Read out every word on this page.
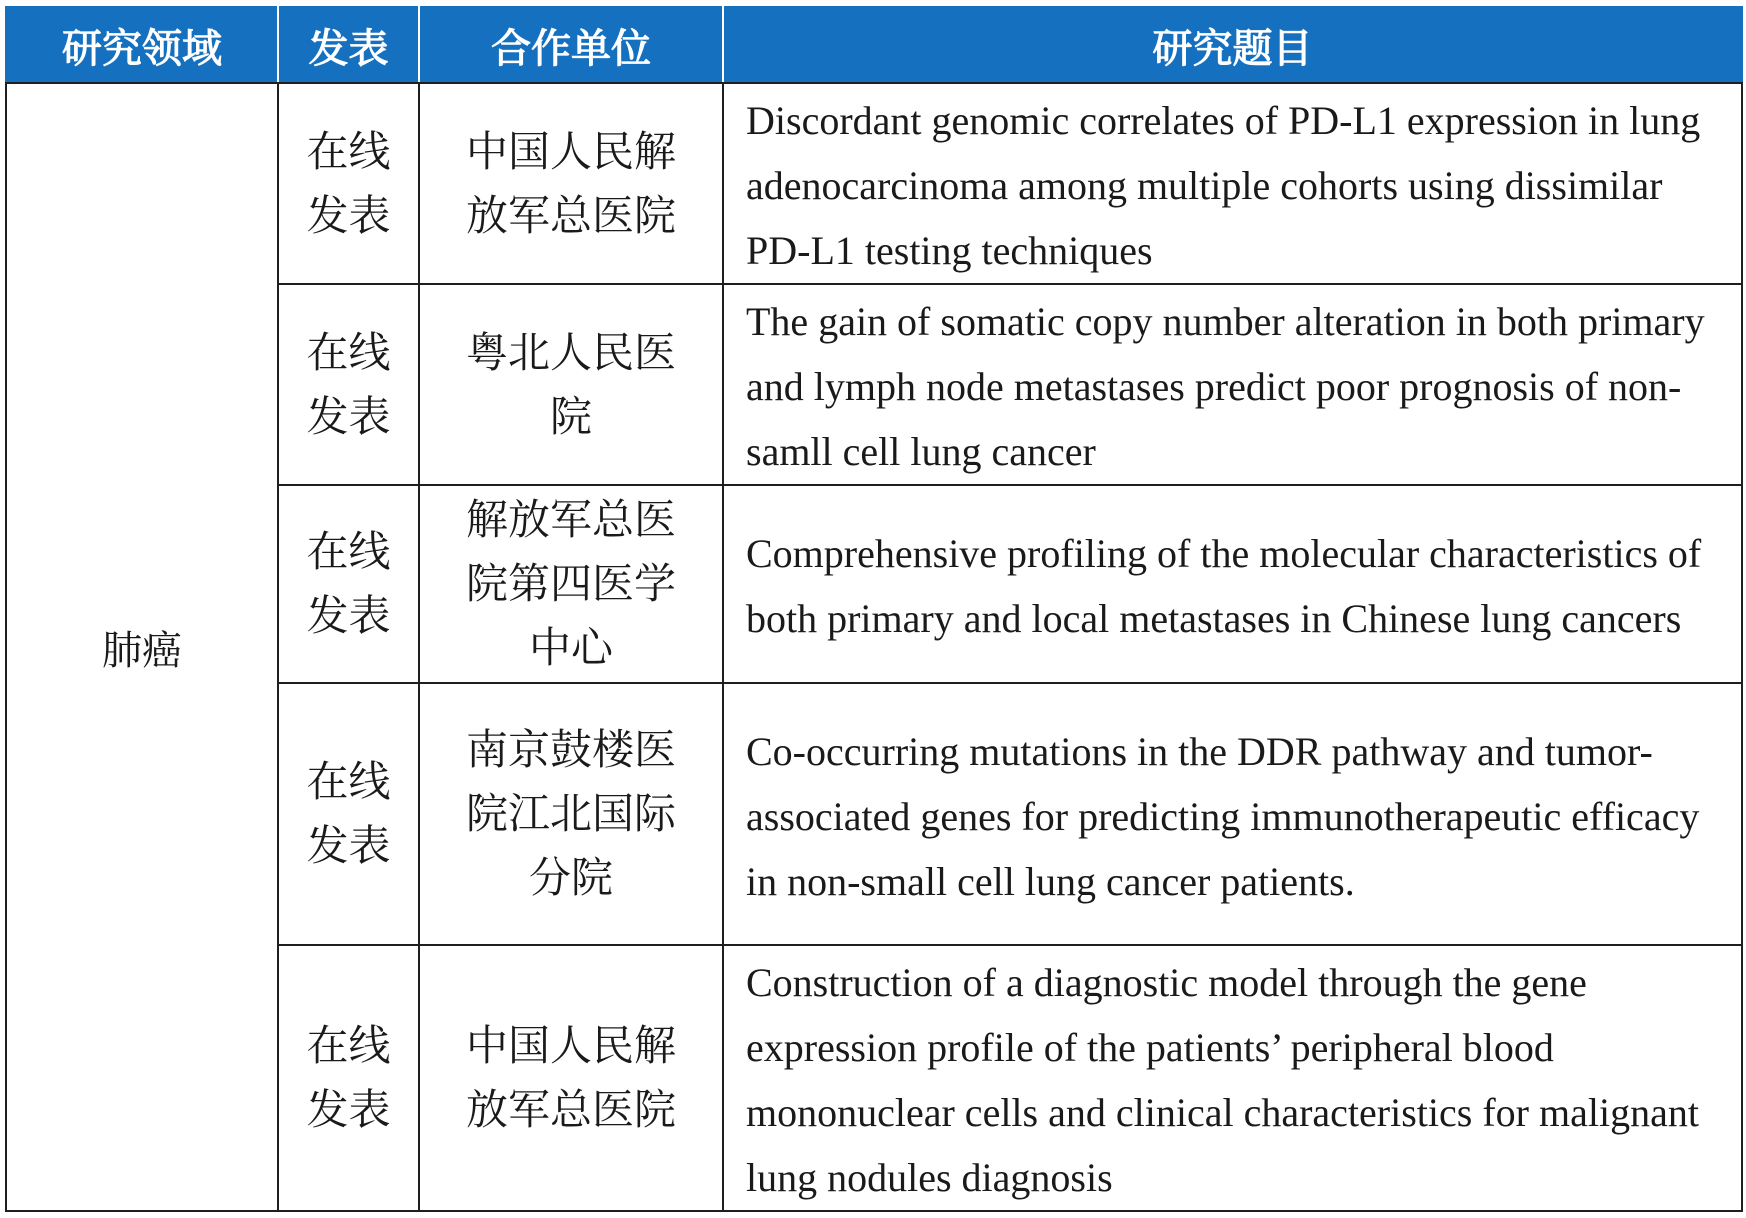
研究领域	发表	合作单位	研究题目
肺癌	在线发表	中国人民解放军总医院	Discordant genomic correlates of PD-L1 expression in lung adenocarcinoma among multiple cohorts using dissimilar PD-L1 testing techniques
	在线发表	粤北人民医院	The gain of somatic copy number alteration in both primary and lymph node metastases predict poor prognosis of non-samll cell lung cancer
	在线发表	解放军总医院第四医学中心	Comprehensive profiling of the molecular characteristics of both primary and local metastases in Chinese lung cancers
	在线发表	南京鼓楼医院江北国际分院	Co-occurring mutations in the DDR pathway and tumor-associated genes for predicting immunotherapeutic efficacy in non-small cell lung cancer patients.
	在线发表	中国人民解放军总医院	Construction of a diagnostic model through the gene expression profile of the patients’ peripheral blood mononuclear cells and clinical characteristics for malignant lung nodules diagnosis
